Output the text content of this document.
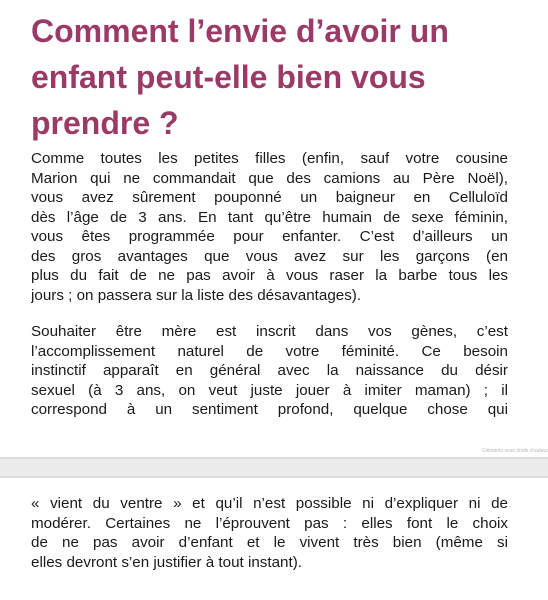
Comment l’envie d’avoir un
enfant peut-elle bien vous
prendre ?

Comme toutes les petites filles (enfin, sauf votre cousine
Marion qui ne commandait que des camions au Père Noël),
vous avez sûrement pouponné un baigneur en Celluloïd
dès l’âge de 3 ans. En tant qu’être humain de sexe féminin,
vous êtes programmée pour enfanter. C’est d’ailleurs un
des gros avantages que vous avez sur les garçons (en
plus du fait de ne pas avoir à vous raser la barbe tous les
jours ; on passera sur la liste des désavantages).

Souhaiter être mère est inscrit dans vos gènes, c’est
l’accomplissement naturel de votre féminité. Ce besoin
instinctif apparaît en général avec la naissance du désir
sexuel (à 3 ans, on veut juste jouer à imiter maman) ; il
correspond à un sentiment profond, quelque chose qui

Éléments sous droits d’auteur

« vient du ventre » et qu’il n’est possible ni d’expliquer ni de
modérer. Certaines ne l’éprouvent pas : elles font le choix
de ne pas avoir d’enfant et le vivent très bien (même si
elles devront s’en justifier à tout instant).
